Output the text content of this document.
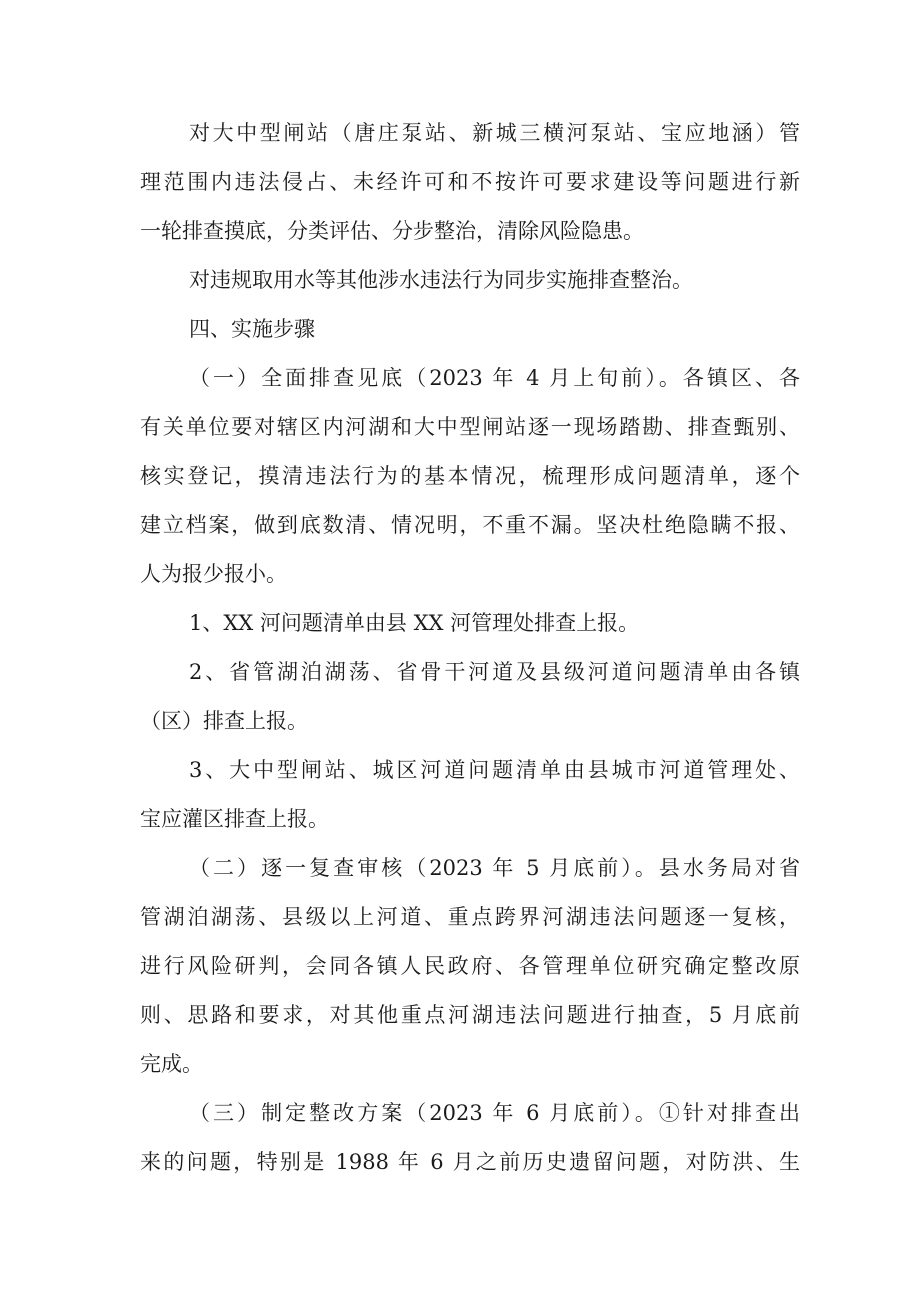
对大中型闸站（唐庄泵站、新城三横河泵站、宝应地涵）管
理范围内违法侵占、未经许可和不按许可要求建设等问题进行新
一轮排查摸底，分类评估、分步整治，清除风险隐患。
对违规取用水等其他涉水违法行为同步实施排查整治。
四、实施步骤
（一）全面排查见底（2023 年 4 月上旬前）。各镇区、各
有关单位要对辖区内河湖和大中型闸站逐一现场踏勘、排查甄别、
核实登记，摸清违法行为的基本情况，梳理形成问题清单，逐个
建立档案，做到底数清、情况明，不重不漏。坚决杜绝隐瞒不报、
人为报少报小。
1、XX 河问题清单由县 XX 河管理处排查上报。
2、省管湖泊湖荡、省骨干河道及县级河道问题清单由各镇
（区）排查上报。
3、大中型闸站、城区河道问题清单由县城市河道管理处、
宝应灌区排查上报。
（二）逐一复查审核（2023 年 5 月底前）。县水务局对省
管湖泊湖荡、县级以上河道、重点跨界河湖违法问题逐一复核，
进行风险研判，会同各镇人民政府、各管理单位研究确定整改原
则、思路和要求，对其他重点河湖违法问题进行抽查，5 月底前
完成。
（三）制定整改方案（2023 年 6 月底前）。①针对排查出
来的问题，特别是 1988 年 6 月之前历史遗留问题，对防洪、生
